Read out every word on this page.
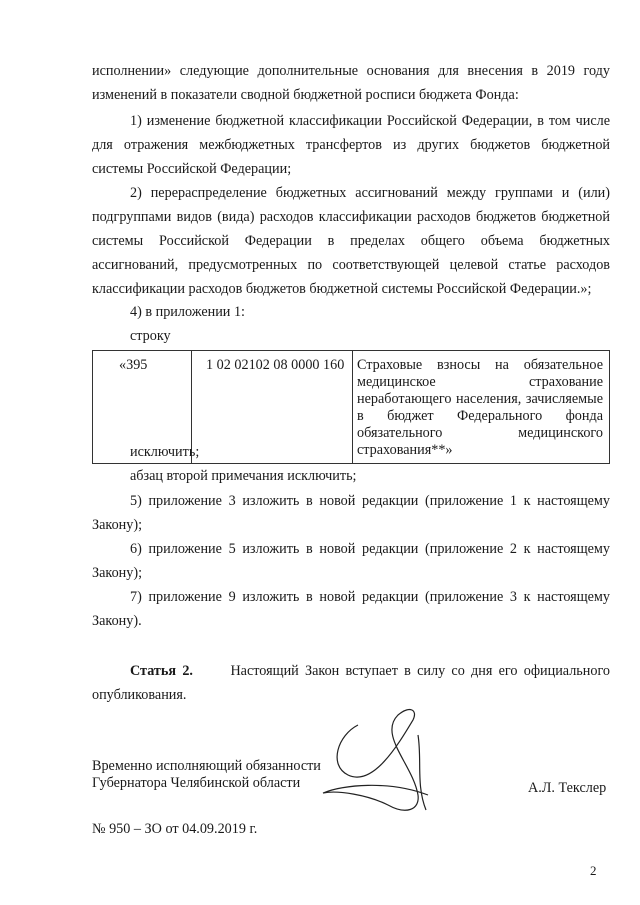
исполнении» следующие дополнительные основания для внесения в 2019 году
изменений в показатели сводной бюджетной росписи бюджета Фонда:
1) изменение бюджетной классификации Российской Федерации, в том числе для отражения межбюджетных трансфертов из других бюджетов бюджетной системы Российской Федерации;
2) перераспределение бюджетных ассигнований между группами и (или) подгруппами видов (вида) расходов классификации расходов бюджетов бюджетной системы Российской Федерации в пределах общего объема бюджетных ассигнований, предусмотренных по соответствующей целевой статье расходов классификации расходов бюджетов бюджетной системы Российской Федерации.»;
4) в приложении 1:
строку
«395	1 02 02102 08 0000 160	Страховые взносы на обязательное медицинское страхование неработающего населения, зачисляемые в бюджет Федерального фонда обязательного медицинского страхования**»
исключить;
абзац второй примечания исключить;
5) приложение 3 изложить в новой редакции (приложение 1 к настоящему Закону);
6) приложение 5 изложить в новой редакции (приложение 2 к настоящему Закону);
7) приложение 9 изложить в новой редакции (приложение 3 к настоящему Закону).
Статья 2.	Настоящий Закон вступает в силу со дня его официального опубликования.
Временно исполняющий обязанности
Губернатора Челябинской области	А.Л. Текслер
№ 950 – ЗО от 04.09.2019 г.
2
